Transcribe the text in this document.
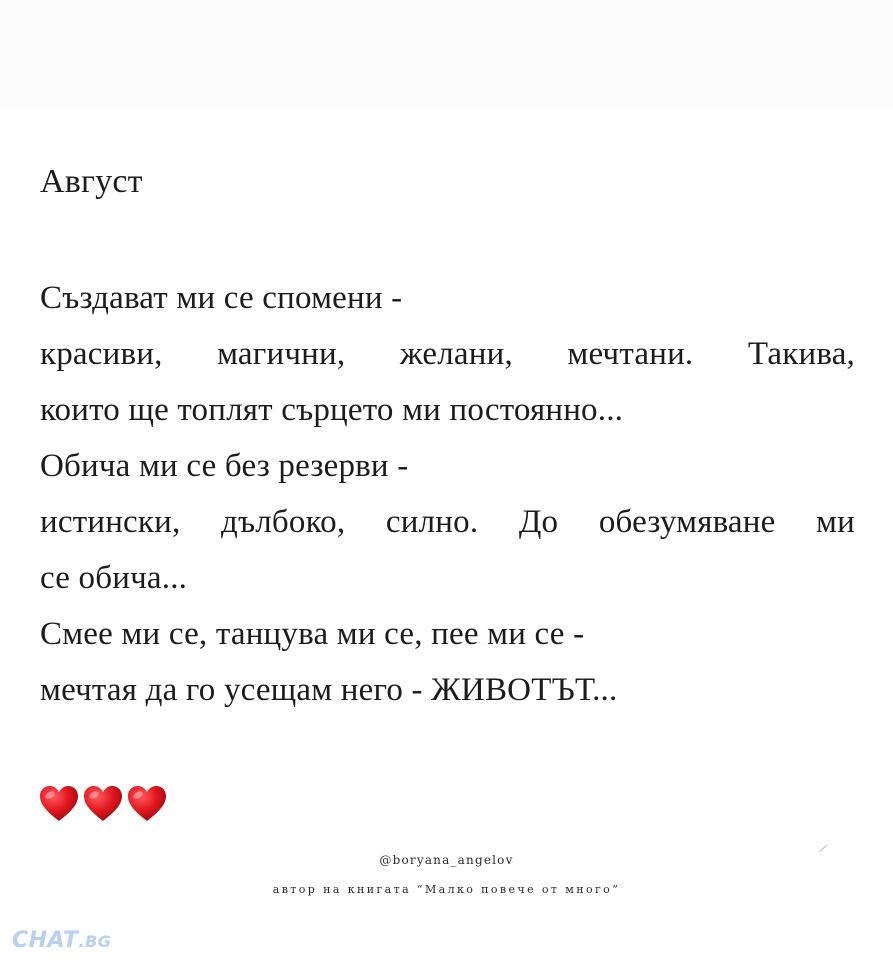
Август
Създават ми се спомени -
красиви, магични, желани, мечтани. Такива,
които ще топлят сърцето ми постоянно...
Обича ми се без резерви -
истински, дълбоко, силно. До обезумяване ми
се обича...
Смее ми се, танцува ми се, пее ми се -
мечтая да го усещам него - ЖИВОТЪТ...
@boryana_angelov
автор на книгата “Малко повече от много”
CHAT.BG
